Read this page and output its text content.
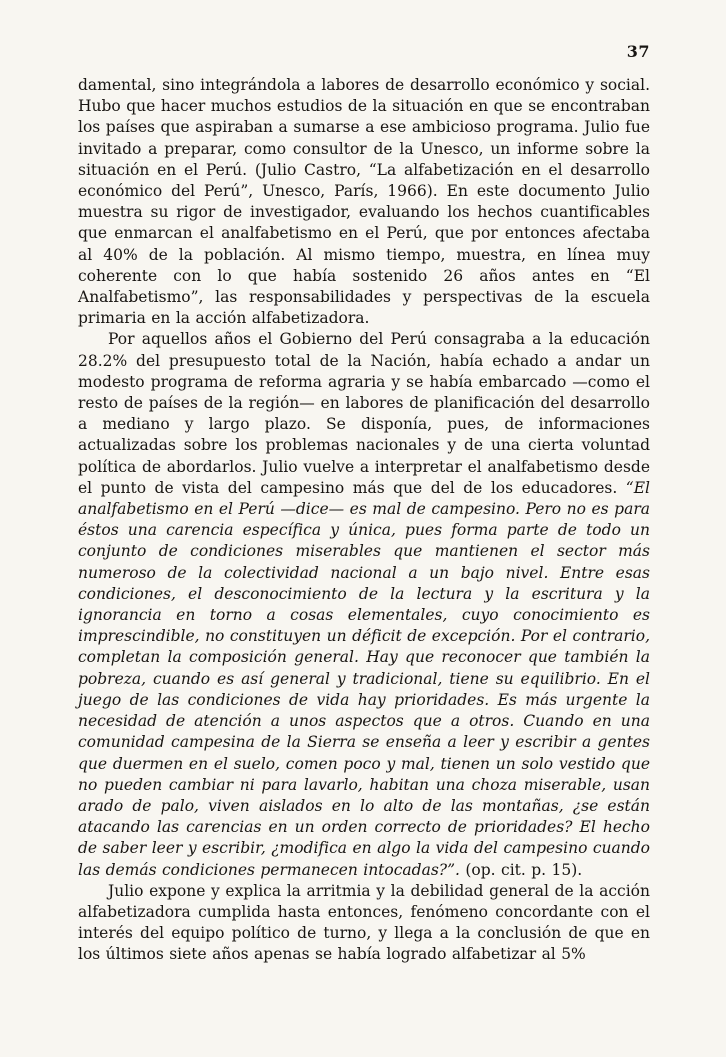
37

damental, sino integrándola a labores de desarrollo económico y social. Hubo que hacer muchos estudios de la situación en que se encontraban los países que aspiraban a sumarse a ese ambicioso programa. Julio fue invitado a preparar, como consultor de la Unesco, un informe sobre la situación en el Perú. (Julio Castro, “La alfabetización en el desarrollo económico del Perú”, Unesco, París, 1966). En este documento Julio muestra su rigor de investigador, evaluando los hechos cuantificables que enmarcan el analfabetismo en el Perú, que por entonces afectaba al 40% de la población. Al mismo tiempo, muestra, en línea muy coherente con lo que había sostenido 26 años antes en “El Analfabetismo”, las responsabilidades y perspectivas de la escuela primaria en la acción alfabetizadora.

Por aquellos años el Gobierno del Perú consagraba a la educación 28.2% del presupuesto total de la Nación, había echado a andar un modesto programa de reforma agraria y se había embarcado —como el resto de países de la región— en labores de planificación del desarrollo a mediano y largo plazo. Se disponía, pues, de informaciones actualizadas sobre los problemas nacionales y de una cierta voluntad política de abordarlos. Julio vuelve a interpretar el analfabetismo desde el punto de vista del campesino más que del de los educadores. “El analfabetismo en el Perú —dice— es mal de campesino. Pero no es para éstos una carencia específica y única, pues forma parte de todo un conjunto de condiciones miserables que mantienen el sector más numeroso de la colectividad nacional a un bajo nivel. Entre esas condiciones, el desconocimiento de la lectura y la escritura y la ignorancia en torno a cosas elementales, cuyo conocimiento es imprescindible, no constituyen un déficit de excepción. Por el contrario, completan la composición general. Hay que reconocer que también la pobreza, cuando es así general y tradicional, tiene su equilibrio. En el juego de las condiciones de vida hay prioridades. Es más urgente la necesidad de atención a unos aspectos que a otros. Cuando en una comunidad campesina de la Sierra se enseña a leer y escribir a gentes que duermen en el suelo, comen poco y mal, tienen un solo vestido que no pueden cambiar ni para lavarlo, habitan una choza miserable, usan arado de palo, viven aislados en lo alto de las montañas, ¿se están atacando las carencias en un orden correcto de prioridades? El hecho de saber leer y escribir, ¿modifica en algo la vida del campesino cuando las demás condiciones permanecen intocadas?”. (op. cit. p. 15).

Julio expone y explica la arritmia y la debilidad general de la acción alfabetizadora cumplida hasta entonces, fenómeno concordante con el interés del equipo político de turno, y llega a la conclusión de que en los últimos siete años apenas se había logrado alfabetizar al 5%
